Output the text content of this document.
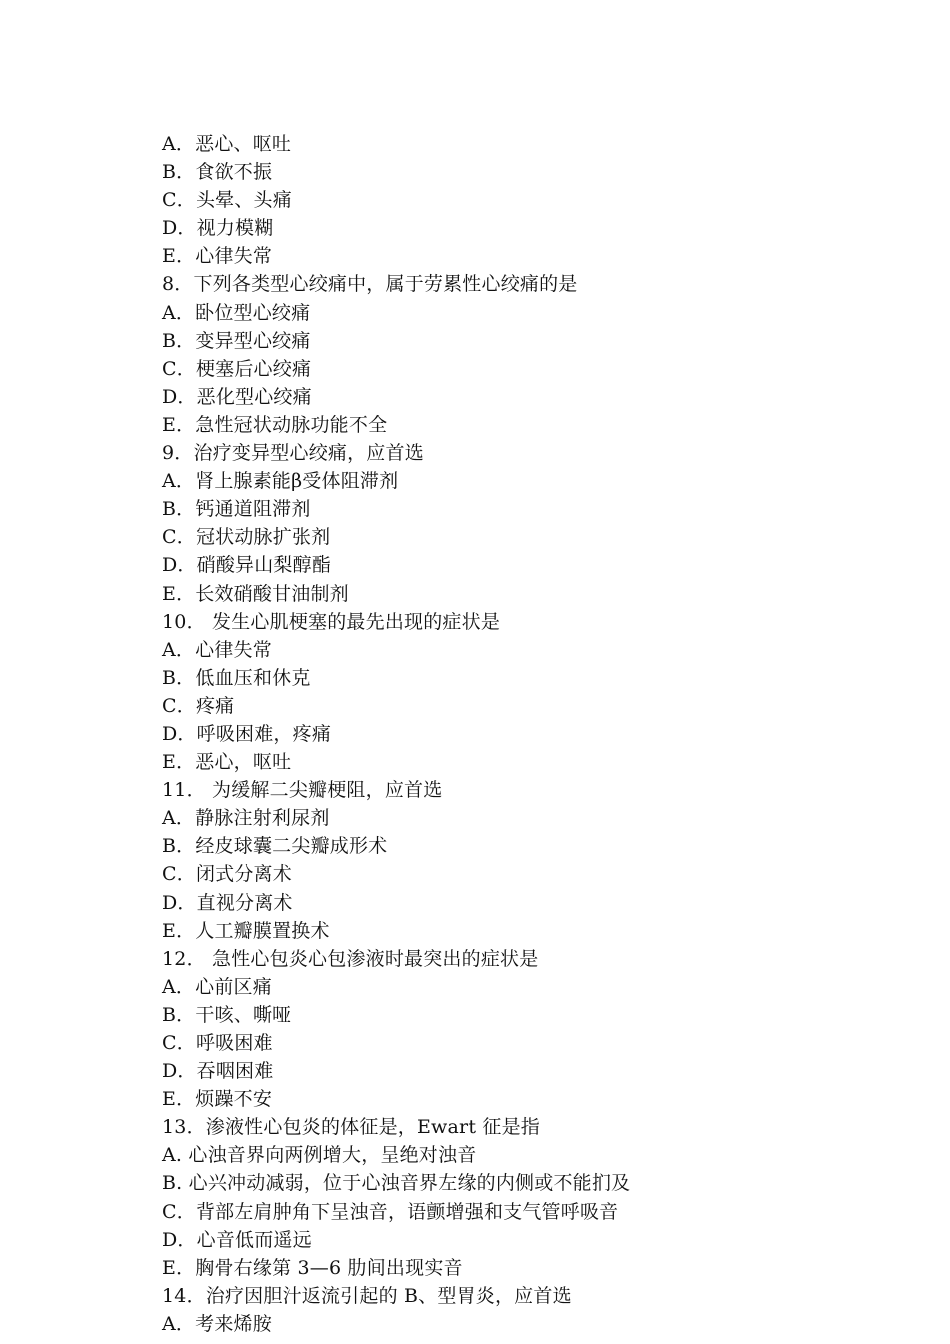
A．恶心、呕吐
B．食欲不振
C．头晕、头痛
D．视力模糊
E．心律失常
8．下列各类型心绞痛中，属于劳累性心绞痛的是
A．卧位型心绞痛
B．变异型心绞痛
C．梗塞后心绞痛
D．恶化型心绞痛
E．急性冠状动脉功能不全
9．治疗变异型心绞痛，应首选
A．肾上腺素能β受体阻滞剂
B．钙通道阻滞剂
C．冠状动脉扩张剂
D．硝酸异山梨醇酯
E．长效硝酸甘油制剂
10． 发生心肌梗塞的最先出现的症状是
A．心律失常
B．低血压和休克
C．疼痛
D．呼吸困难，疼痛
E．恶心，呕吐
11． 为缓解二尖瓣梗阻，应首选
A．静脉注射利尿剂
B．经皮球囊二尖瓣成形术
C．闭式分离术
D．直视分离术
E．人工瓣膜置换术
12． 急性心包炎心包渗液时最突出的症状是
A．心前区痛
B．干咳、嘶哑
C．呼吸困难
D．吞咽困难
E．烦躁不安
13．渗液性心包炎的体征是，Ewart 征是指
A. 心浊音界向两例增大，呈绝对浊音
B. 心兴冲动减弱，位于心浊音界左缘的内侧或不能扪及
C．背部左肩肿角下呈浊音，语颤增强和支气管呼吸音
D．心音低而遥远
E．胸骨右缘第 3—6 肋间出现实音
14．治疗因胆汁返流引起的 B、型胃炎，应首选
A．考来烯胺
